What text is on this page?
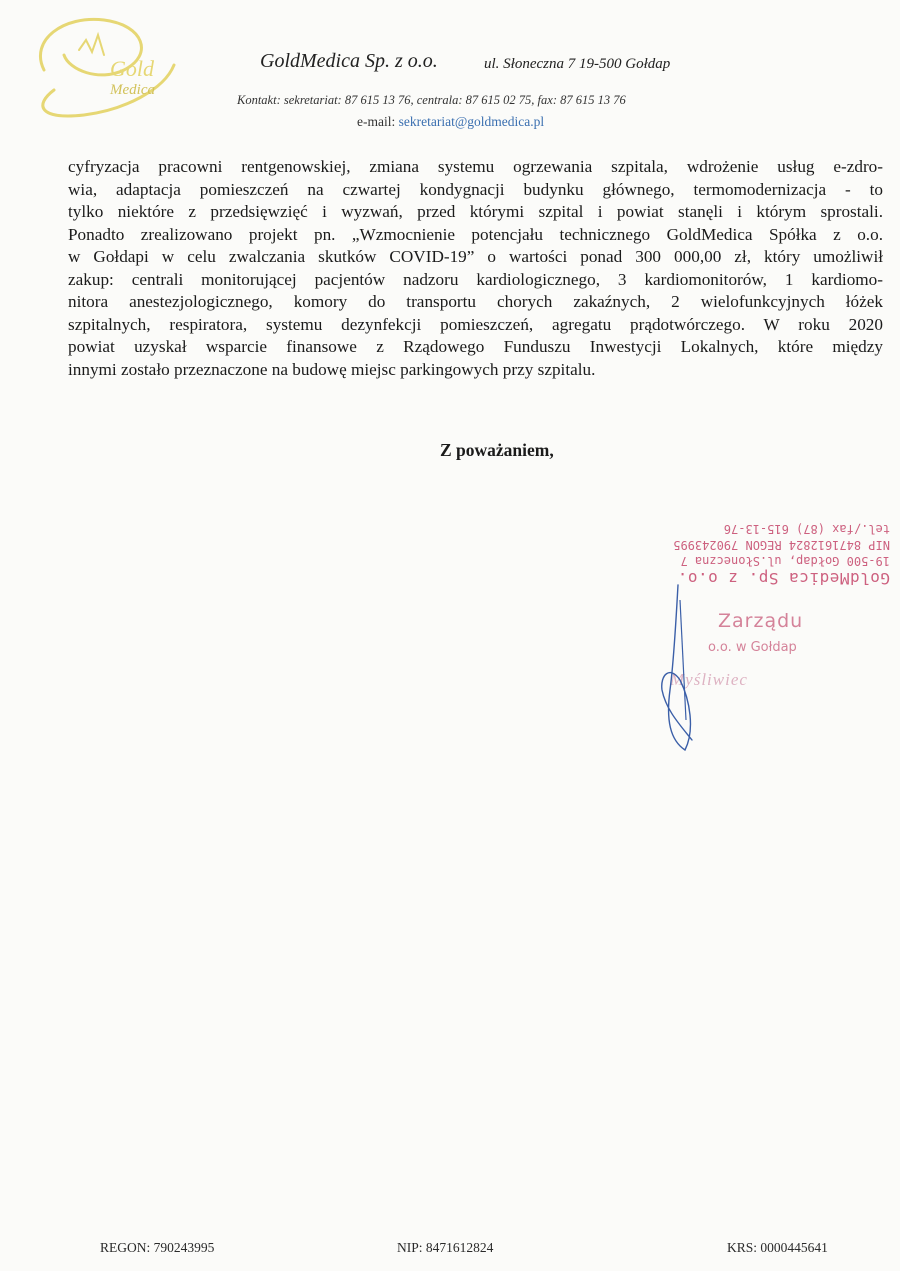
Gold
Medica
GoldMedica Sp. z o.o.	ul. Słoneczna 7 19-500 Gołdap
Kontakt: sekretariat: 87 615 13 76, centrala: 87 615 02 75, fax: 87 615 13 76
e-mail: sekretariat@goldmedica.pl
cyfryzacja pracowni rentgenowskiej, zmiana systemu ogrzewania szpitala, wdrożenie usług e-zdro-
wia, adaptacja pomieszczeń na czwartej kondygnacji budynku głównego, termomodernizacja - to
tylko niektóre z przedsięwzięć i wyzwań, przed którymi szpital i powiat stanęli i którym sprostali.
Ponadto zrealizowano projekt pn. „Wzmocnienie potencjału technicznego GoldMedica Spółka z o.o.
w Gołdapi w celu zwalczania skutków COVID-19” o wartości ponad 300 000,00 zł, który umożliwił
zakup: centrali monitorującej pacjentów nadzoru kardiologicznego, 3 kardiomonitorów, 1 kardiomo-
nitora anestezjologicznego, komory do transportu chorych zakaźnych, 2 wielofunkcyjnych łóżek
szpitalnych, respiratora, systemu dezynfekcji pomieszczeń, agregatu prądotwórczego. W roku 2020
powiat uzyskał wsparcie finansowe z Rządowego Funduszu Inwestycji Lokalnych, które między
innymi zostało przeznaczone na budowę miejsc parkingowych przy szpitalu.
Z poważaniem,
GoldMedica Sp. z o.o.
19-500 Gołdap, ul.Słoneczna 7
NIP 8471612824 REGON 790243995
tel./fax (87) 615-13-76
Zarządu
o.o. w Gołdap
Myśliwiec
REGON: 790243995	NIP: 8471612824	KRS: 0000445641
